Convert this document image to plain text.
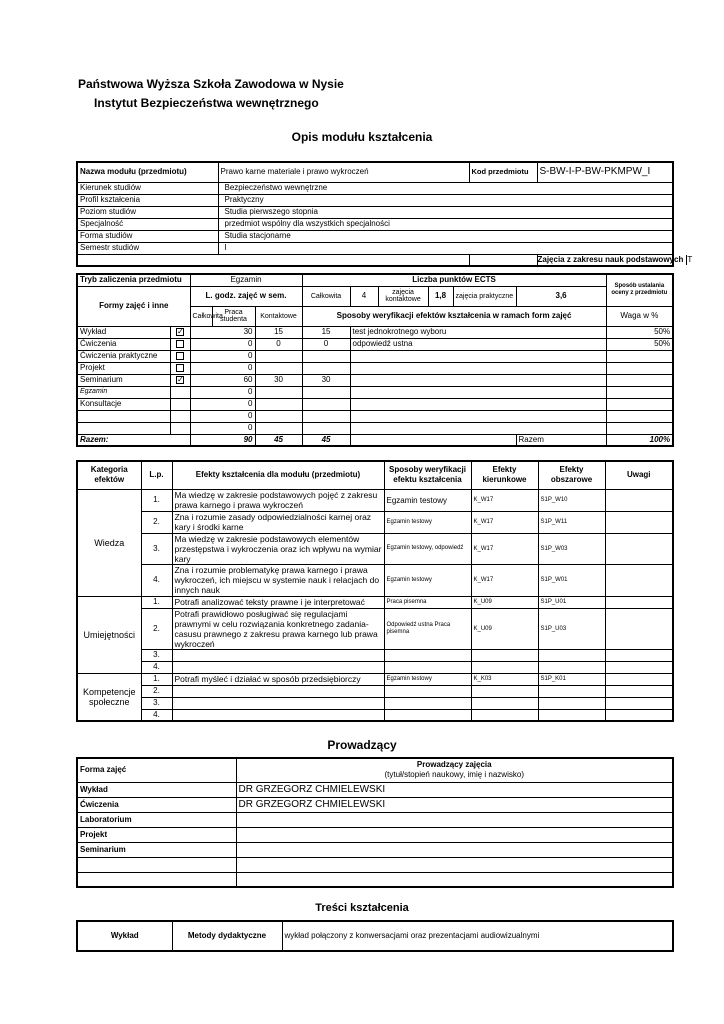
Państwowa Wyższa Szkoła Zawodowa w Nysie
Instytut Bezpieczeństwa wewnętrznego
Opis modułu kształcenia
Nazwa modułu (przedmiotu)	Prawo karne materiale i prawo wykroczeń	Kod przedmiotu	S-BW-I-P-BW-PKMPW_I
Kierunek studiów	Bezpieczeństwo wewnętrzne		
Profil kształcenia	Praktyczny		
Poziom studiów	Studia pierwszego stopnia		
Specjalność	przedmiot wspólny dla wszystkich specjalności		
Forma studiów	Studia stacjonarne		
Semestr studiów	I		

			Zajęcia z zakresu nauk podstawowych T
Tryb zaliczenia przedmiotu		Egzamin			Liczba punktów ECTS						Sposób ustalania oceny z przedmiotu
Formy zajęć i inne		L. godz. zajęć w sem.			Całkowita	4	zajęcia kontaktowe	1,8	zajęcia praktyczne	3,6	
		Całkowita	Praca studenta	Kontaktowe	Sposoby weryfikacji efektów kształcenia w ramach form zajęć						Waga w %
Wykład	✓	30		15	15	test jednokrotnego wyboru					50%
Ćwiczenia		0		0	0	odpowiedź ustna					50%
Ćwiczenia praktyczne		0									
Projekt		0									
Seminarium	✓	60		30	30						
Egzamin		0									
Konsultacje		0									
		0									
		0									
Razem:		90		45	45					Razem	100%
Kategoria efektów	L.p.	Efekty kształcenia dla modułu (przedmiotu)	Sposoby weryfikacji efektu kształcenia	Efekty kierunkowe	Efekty obszarowe	Uwagi
Wiedza	1.	Ma wiedzę w zakresie podstawowych pojęć z zakresu prawa karnego i prawa wykroczeń	Egzamin testowy	K_W17	S1P_W10	
	2.	Zna i rozumie zasady odpowiedzialności karnej oraz kary i środki karne	Egzamin testowy	K_W17	S1P_W11	
	3.	Ma wiedzę w zakresie podstawowych elementów przestępstwa i wykroczenia oraz ich wpływu na wymiar kary	Egzamin testowy, odpowiedź	K_W17	S1P_W03	
	4.	Zna i rozumie problematykę prawa karnego i prawa wykroczeń, ich miejscu w systemie nauk i relacjach do innych nauk	Egzamin testowy	K_W17	S1P_W01	
Umiejętności	1.	Potrafi analizować teksty prawne i je interpretować	Praca pisemna	K_U09	S1P_U01	
	2.	Potrafi prawidłowo posługiwać się regulacjami prawnymi w celu rozwiązania konkretnego zadania- casusu prawnego z zakresu prawa karnego lub prawa wykroczeń	Odpowiedź ustna Praca pisemna	K_U09	S1P_U03	
	3.					
	4.					
Kompetencje społeczne	1.	Potrafi myśleć i działać w sposób przedsiębiorczy	Egzamin testowy	K_K03	S1P_K01	
	2.					
	3.					
	4.					
Prowadzący
Forma zajęć	Prowadzący zajęcia
(tytuł/stopień naukowy, imię i nazwisko)

Wykład	DR GRZEGORZ CHMIELEWSKI
Ćwiczenia	DR GRZEGORZ CHMIELEWSKI
Laboratorium	
Projekt	
Seminarium	

Treści kształcenia
Wykład	Metody dydaktyczne	wykład połączony z konwersacjami oraz prezentacjami audiowizualnymi
